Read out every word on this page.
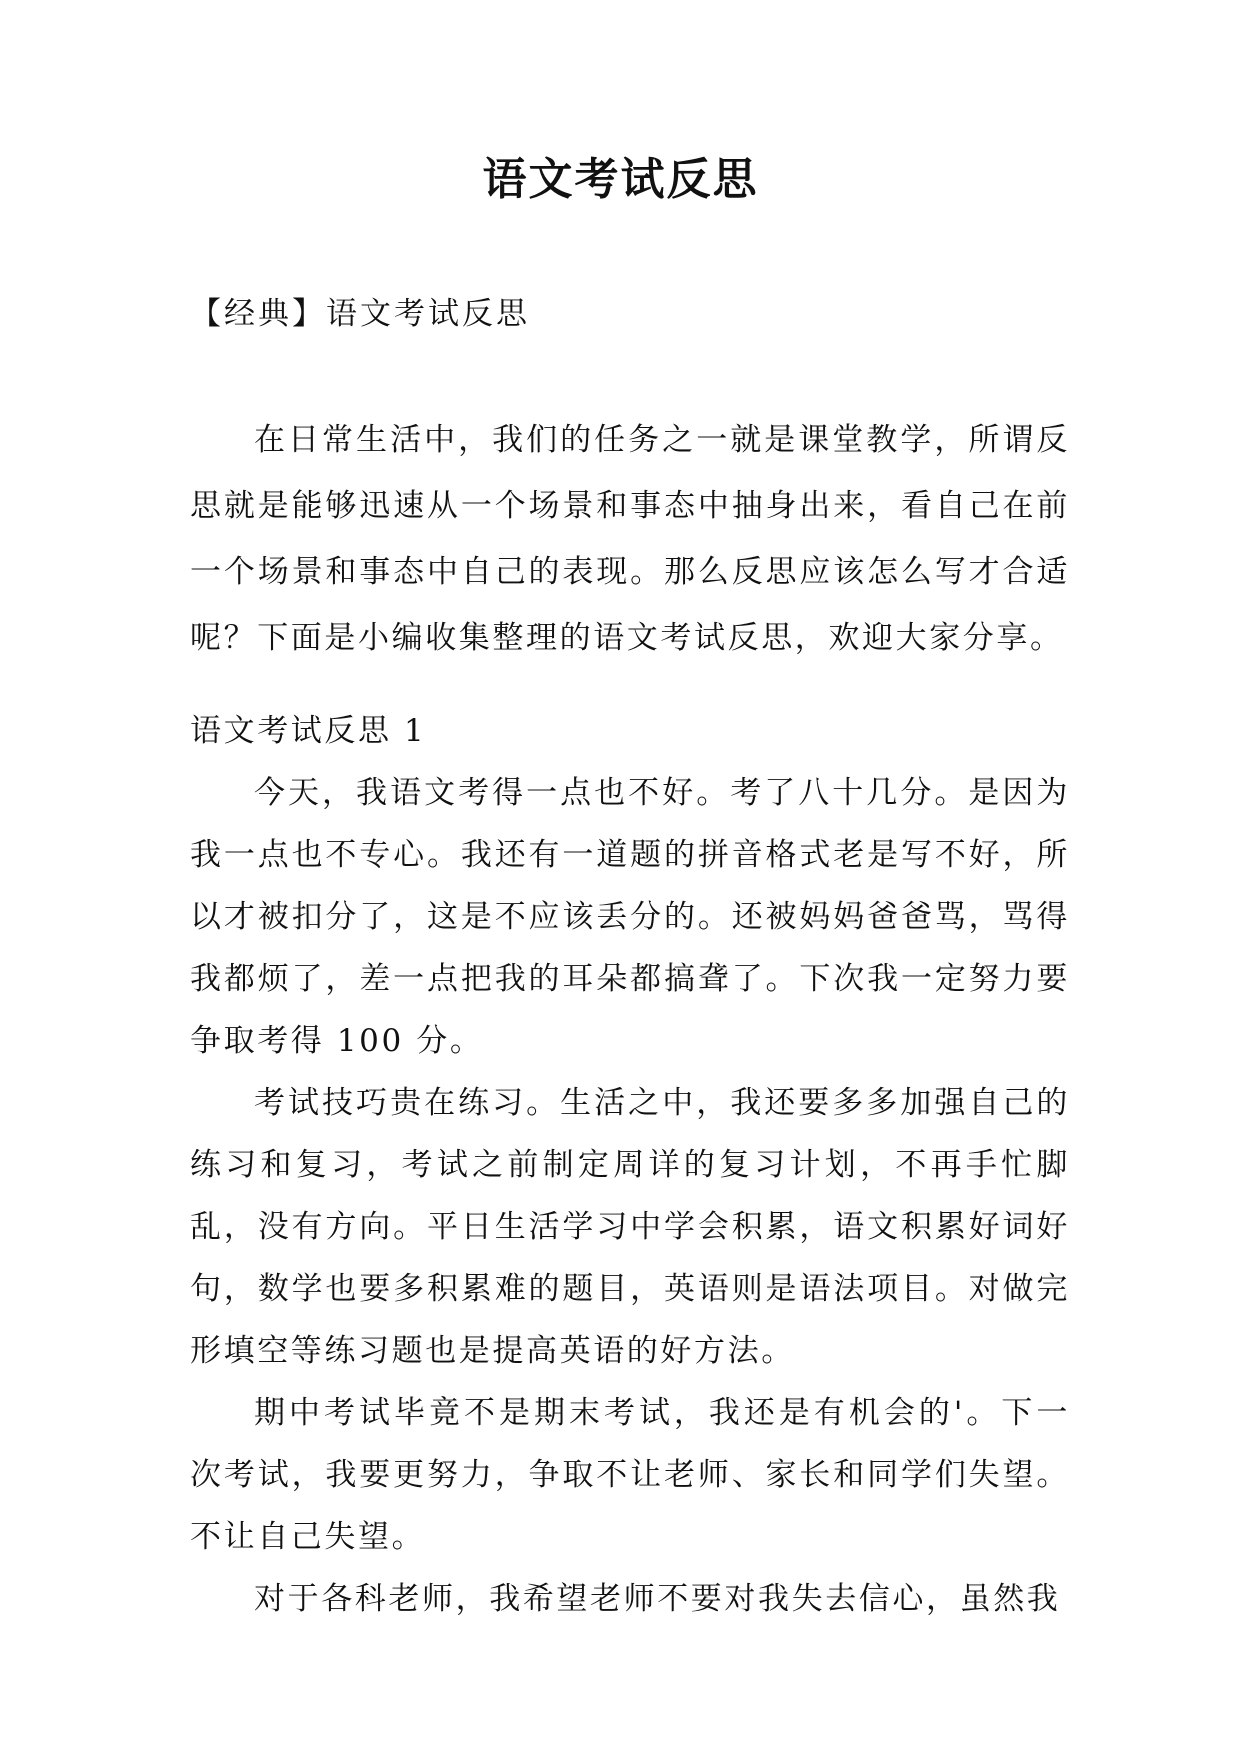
语文考试反思
【经典】语文考试反思

在日常生活中，我们的任务之一就是课堂教学，所谓反思就是能够迅速从一个场景和事态中抽身出来，看自己在前一个场景和事态中自己的表现。那么反思应该怎么写才合适呢？下面是小编收集整理的语文考试反思，欢迎大家分享。

语文考试反思 1

今天，我语文考得一点也不好。考了八十几分。是因为我一点也不专心。我还有一道题的拼音格式老是写不好，所以才被扣分了，这是不应该丢分的。还被妈妈爸爸骂，骂得我都烦了，差一点把我的耳朵都搞聋了。下次我一定努力要争取考得 100 分。

考试技巧贵在练习。生活之中，我还要多多加强自己的练习和复习，考试之前制定周详的复习计划，不再手忙脚乱，没有方向。平日生活学习中学会积累，语文积累好词好句，数学也要多积累难的题目，英语则是语法项目。对做完形填空等练习题也是提高英语的好方法。

期中考试毕竟不是期末考试，我还是有机会的'。下一次考试，我要更努力，争取不让老师、家长和同学们失望。不让自己失望。

对于各科老师，我希望老师不要对我失去信心，虽然我
